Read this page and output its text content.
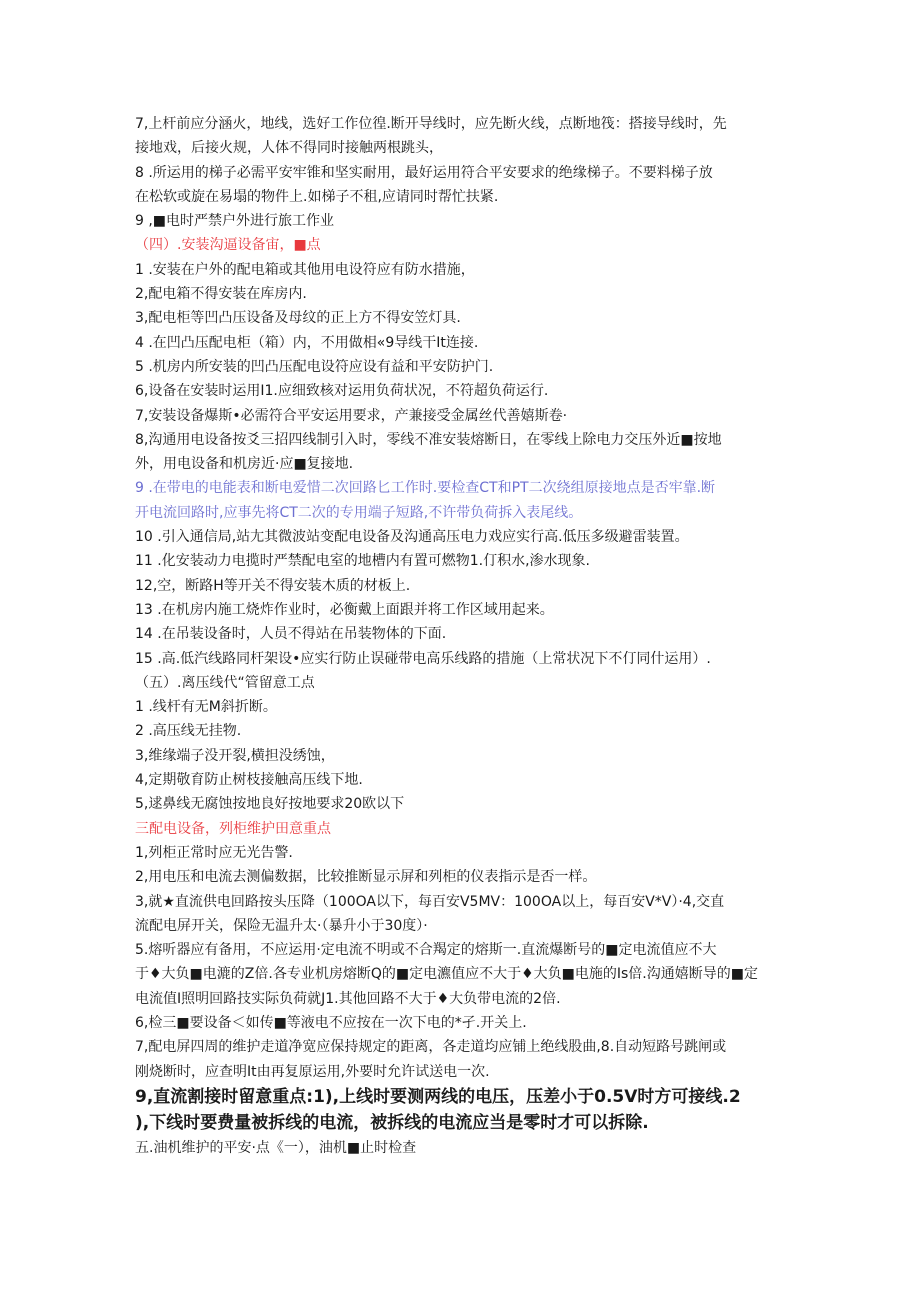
7,上杆前应分涵火，地线，选好工作位徨.断开导线时，应先断火线，点断地筏：搭接导线时，先
接地戏，后接火规，人体不得同时接触两根跳头，
8 .所运用的梯子必需平安牢锥和坚实耐用，最好运用符合平安要求的绝缘梯子。不要料梯子放
在松软或旋在易塌的物件上.如梯子不租,应请同时帮忙扶紧.
9 ,■电时严禁户外进行旅工作业
（四）.安装沟逼设备宙，■点
1 .安装在户外的配电箱或其他用电设符应有防水措施，
2,配电箱不得安装在库房内.
3,配电柜等凹凸压设备及母纹的正上方不得安笠灯具.
4 .在凹凸压配电柜（箱）内，不用做相«9导线干It连接.
5 .机房内所安装的凹凸压配电设符应设有益和平安防护门.
6,设备在安装时运用I1.应细致核对运用负荷状况，不符超负荷运行.
7,安装设备爆斯•必需符合平安运用要求，产兼接受金属丝代善嬉斯卷·
8,沟通用电设备按爻三招四线制引入时，零线不准安装熔断日，在零线上除电力交压外近■按地
外，用电设备和机房近·应■复接地.
9 .在带电的电能表和断电爱惜二次回路匕工作时.要检查CT和PT二次绕组原接地点是否牢靠.断
开电流回路时,应事先将CT二次的专用端子短路,不许带负荷拆入表尾线。
10 .引入通信局,站尢其微波站变配电设备及沟通高压电力戏应实行高.低压多级避雷装置。
11 .化安装动力电揽时严禁配电室的地槽内有置可燃物1.仃积水,渗水现象.
12,空，断路H等开关不得安装木质的材板上.
13 .在机房内施工烧炸作业时，必衡戴上面跟并将工作区域用起来。
14 .在吊装设备时，人员不得站在吊装物体的下面.
15 .高.低汽线路同杆架设•应实行防止误碰带电高乐线路的措施（上常状况下不仃同什运用）.
（五）.离压线代“管留意工点
1 .线杆有无M斜折断。
2 .高压线无挂物.
3,维缘端子没开裂,横担没绣蚀，
4,定期敬育防止树枝接触高压线下地.
5,逑鼻线无腐蚀按地良好按地要求20欧以下
三配电设备，列柜维护田意重点
1,列柜正常时应无光告警.
2,用电压和电流去测偏数据，比较推断显示屏和列柜的仪表指示是否一样。
3,就★直流供电回路按头压降（100OA以下，每百安V5MV：100OA以上，每百安V*V）·4,交直
流配电屏开关，保险无温升太·（暴升小于30度）·
5.熔听器应有备用，不应运用·定电流不明或不合羯定的熔斯一.直流爆断号的■定电流值应不大
于♦大负■电漉的Z倍.各专业机房熔断Q的■定电瀌值应不大于♦大负■电施的Is倍.沟通嬉断导的■定
电流值I照明回路技实际负荷就J1.其他回路不大于♦大负带电流的2倍.
6,检三■要设备＜如传■等液电不应按在一次下电的*孑.开关上.
7,配电屏四周的维护走道净宽应保持规定的距离，各走道均应铺上绝线股曲,8.自动短路号跳闸或
刚烧断时，应查明It由再复原运用,外要时允许试送电一次.
9,直流割接时留意重点:1),上线时要测两线的电压，压差小于0.5V时方可接线.2
),下线时要费量被拆线的电流，被拆线的电流应当是零时才可以拆除.
五.油机维护的平安·点《一），油机■止时检查
